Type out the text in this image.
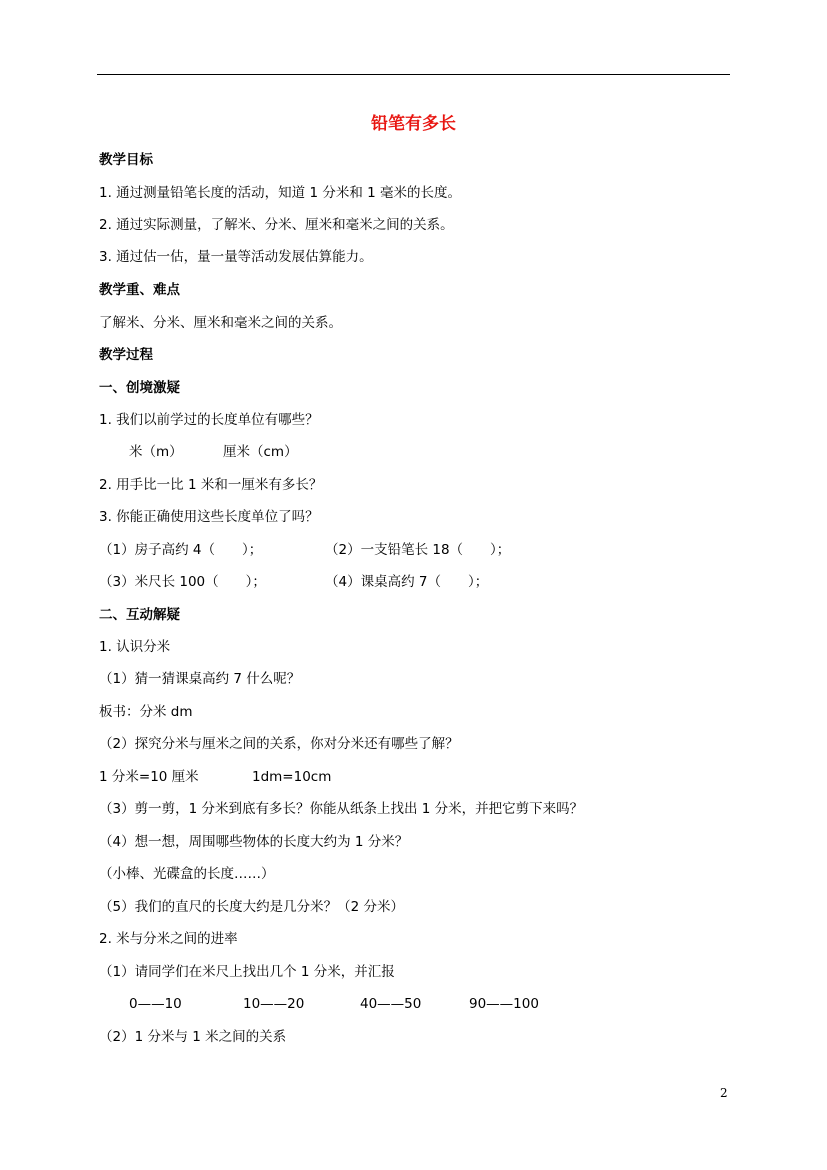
铅笔有多长
教学目标
1. 通过测量铅笔长度的活动，知道 1 分米和 1 毫米的长度。
2. 通过实际测量，了解米、分米、厘米和毫米之间的关系。
3. 通过估一估，量一量等活动发展估算能力。
教学重、难点
了解米、分米、厘米和毫米之间的关系。
教学过程
一、创境激疑
1. 我们以前学过的长度单位有哪些？
米（m）	厘米（cm）
2. 用手比一比 1 米和一厘米有多长？
3. 你能正确使用这些长度单位了吗？
（1）房子高约 4（　　）；	（2）一支铅笔长 18（　　）；
（3）米尺长 100（　　）；	（4）课桌高约 7（　　）；
二、互动解疑
1. 认识分米
（1）猜一猜课桌高约 7 什么呢？
板书：分米 dm
（2）探究分米与厘米之间的关系，你对分米还有哪些了解？
1 分米=10 厘米	1dm=10cm
（3）剪一剪，1 分米到底有多长？你能从纸条上找出 1 分米，并把它剪下来吗？
（4）想一想，周围哪些物体的长度大约为 1 分米？
（小棒、光碟盒的长度……）
（5）我们的直尺的长度大约是几分米？（2 分米）
2. 米与分米之间的进率
（1）请同学们在米尺上找出几个 1 分米，并汇报
0——10	10——20	40——50	90——100
（2）1 分米与 1 米之间的关系
2
